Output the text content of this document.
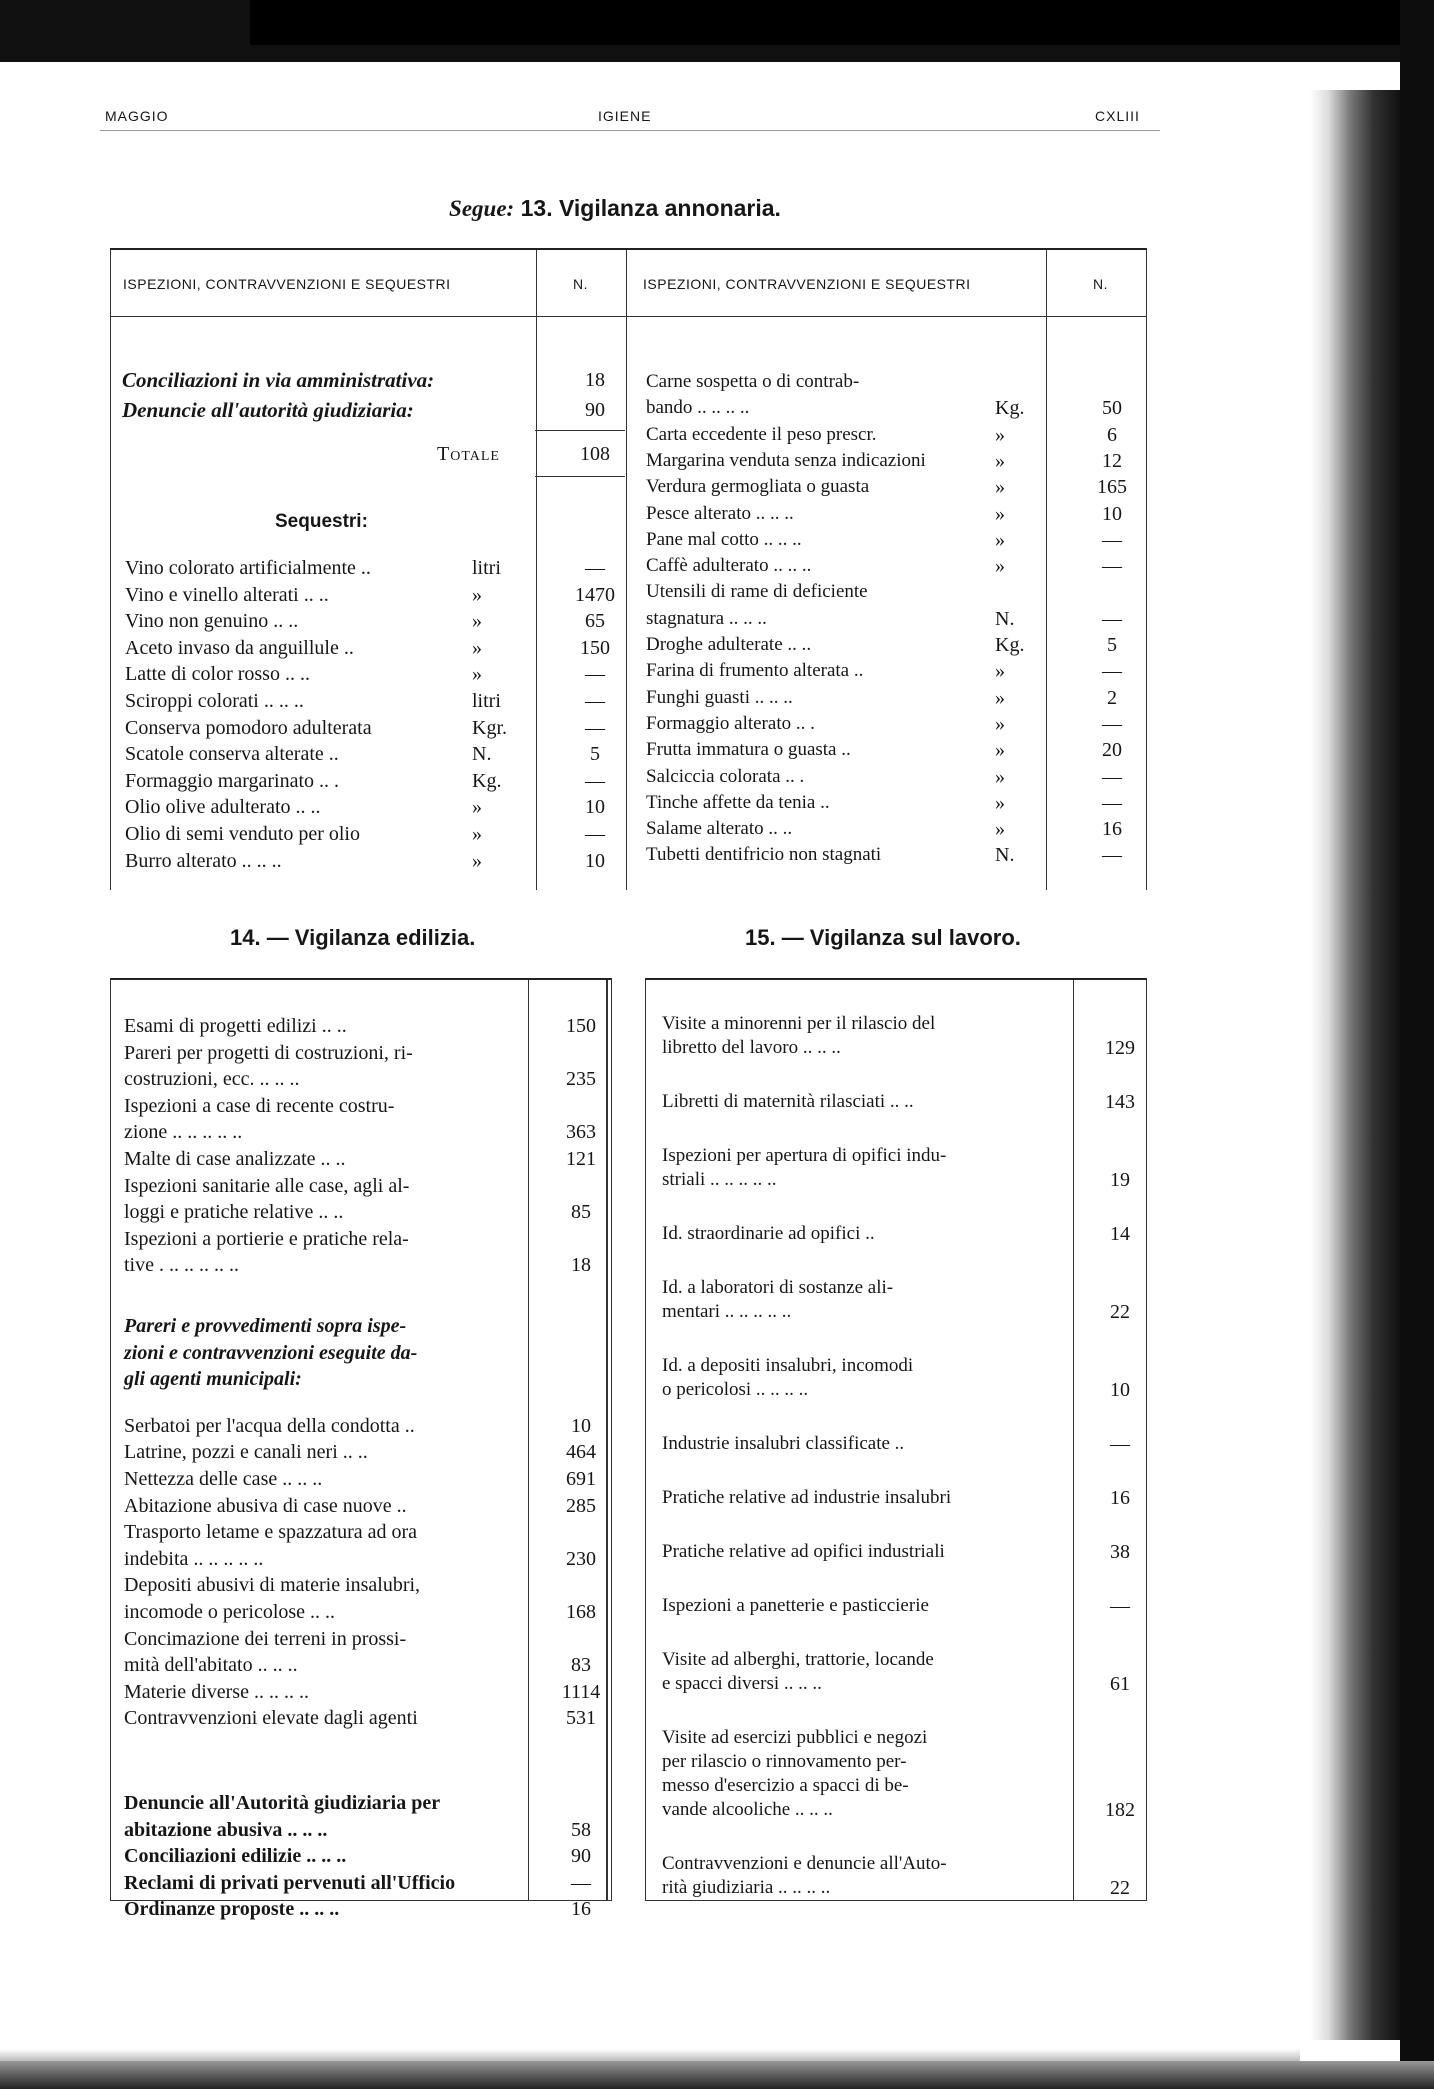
MAGGIO	IGIENE	CXLIII
Segue: 13. Vigilanza annonaria.
ISPEZIONI, CONTRAVVENZIONI E SEQUESTRI	N.	ISPEZIONI, CONTRAVVENZIONI E SEQUESTRI	N.
Conciliazioni in via amministrativa:	18
Denuncie all'autorità giudiziaria:	90
Totale	108
Sequestri:
Vino colorato artificialmente ..	litri	—
Vino e vinello alterati .. ..	»	1470
Vino non genuino .. ..	»	65
Aceto invaso da anguillule ..	»	150
Latte di color rosso .. ..	»	—
Sciroppi colorati .. .. ..	litri	—
Conserva pomodoro adulterata	Kgr.	—
Scatole conserva alterate ..	N.	5
Formaggio margarinato .. .	Kg.	—
Olio olive adulterato .. ..	»	10
Olio di semi venduto per olio	»	—
Burro alterato .. .. ..	»	10
Carne sospetta o di contrab-
bando .. .. .. ..	Kg.	50
Carta eccedente il peso prescr.	»	6
Margarina venduta senza indicazioni	»	12
Verdura germogliata o guasta	»	165
Pesce alterato .. .. ..	»	10
Pane mal cotto .. .. ..	»	—
Caffè adulterato .. .. ..	»	—
Utensili di rame di deficiente
stagnatura .. .. ..	N.	—
Droghe adulterate .. ..	Kg.	5
Farina di frumento alterata ..	»	—
Funghi guasti .. .. ..	»	2
Formaggio alterato .. .	»	—
Frutta immatura o guasta ..	»	20
Salciccia colorata .. .	»	—
Tinche affette da tenia ..	»	—
Salame alterato .. ..	»	16
Tubetti dentifricio non stagnati	N.	—
14. — Vigilanza edilizia.	15. — Vigilanza sul lavoro.
Esami di progetti edilizi .. ..	150
Pareri per progetti di costruzioni, ri-
costruzioni, ecc. .. .. ..	235
Ispezioni a case di recente costru-
zione .. .. .. .. ..	363
Malte di case analizzate .. ..	121
Ispezioni sanitarie alle case, agli al-
loggi e pratiche relative .. ..	85
Ispezioni a portierie e pratiche rela-
tive . .. .. .. .. ..	18
Pareri e provvedimenti sopra ispe-
zioni e contravvenzioni eseguite da-
gli agenti municipali:
Serbatoi per l'acqua della condotta ..	10
Latrine, pozzi e canali neri .. ..	464
Nettezza delle case .. .. ..	691
Abitazione abusiva di case nuove ..	285
Trasporto letame e spazzatura ad ora
indebita .. .. .. .. ..	230
Depositi abusivi di materie insalubri,
incomode o pericolose .. ..	168
Concimazione dei terreni in prossi-
mità dell'abitato .. .. ..	83
Materie diverse .. .. .. ..	1114
Contravvenzioni elevate dagli agenti	531
Denuncie all'Autorità giudiziaria per
abitazione abusiva .. .. ..	58
Conciliazioni edilizie .. .. ..	90
Reclami di privati pervenuti all'Ufficio	—
Ordinanze proposte .. .. ..	16
Visite a minorenni per il rilascio del
libretto del lavoro .. .. ..	129
Libretti di maternità rilasciati .. ..	143
Ispezioni per apertura di opifici indu-
striali .. .. .. .. ..	19
Id. straordinarie ad opifici ..	14
Id. a laboratori di sostanze ali-
mentari .. .. .. .. ..	22
Id. a depositi insalubri, incomodi
o pericolosi .. .. .. ..	10
Industrie insalubri classificate ..	—
Pratiche relative ad industrie insalubri	16
Pratiche relative ad opifici industriali	38
Ispezioni a panetterie e pasticcierie	—
Visite ad alberghi, trattorie, locande
e spacci diversi .. .. ..	61
Visite ad esercizi pubblici e negozi
per rilascio o rinnovamento per-
messo d'esercizio a spacci di be-
vande alcooliche .. .. ..	182
Contravvenzioni e denuncie all'Auto-
rità giudiziaria .. .. .. ..	22
